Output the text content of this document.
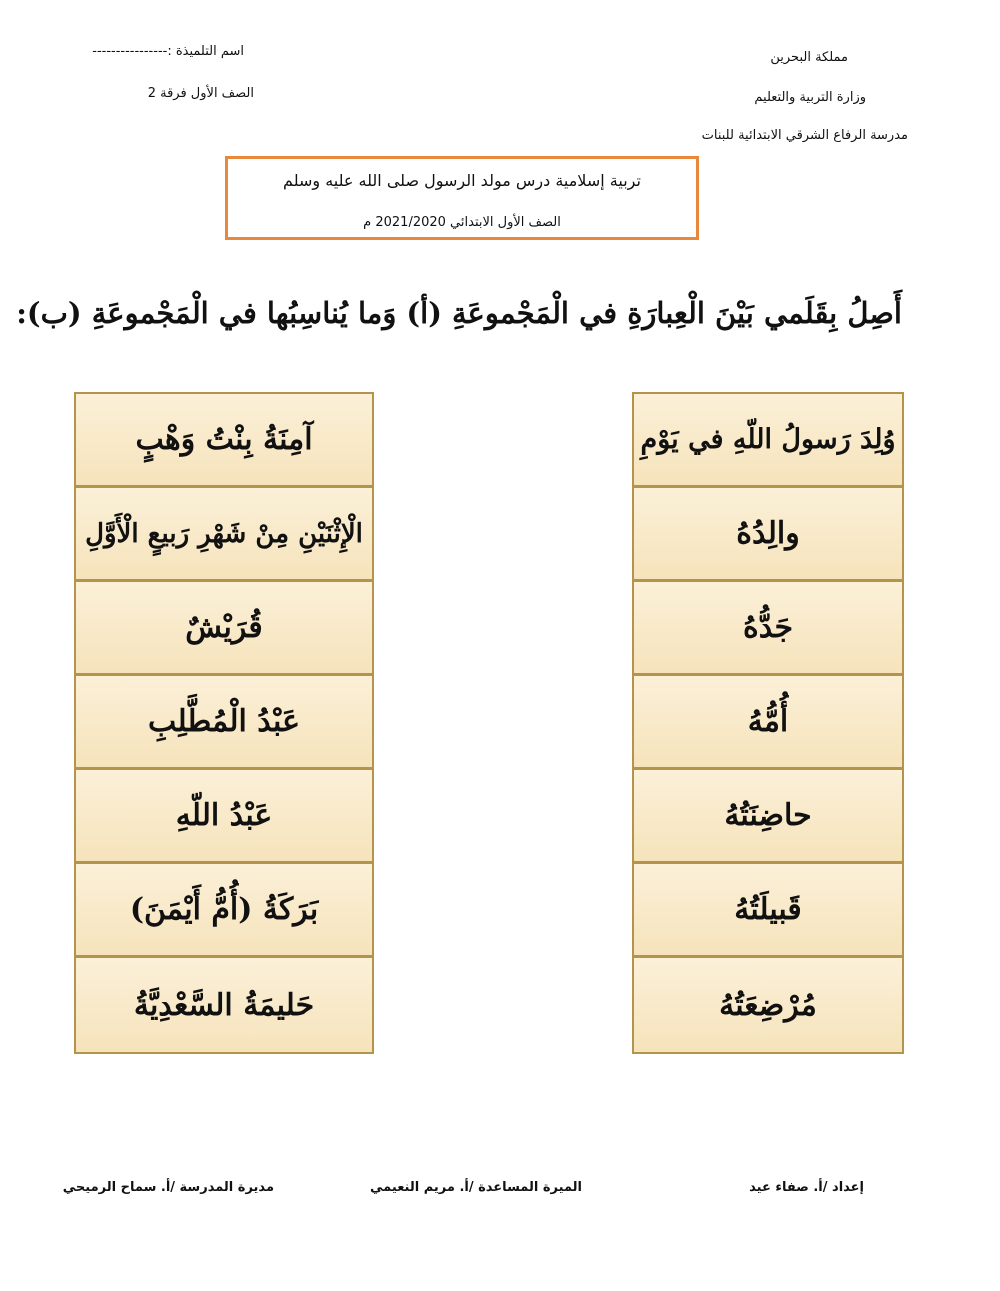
اسم التلميذة :----------------
الصف الأول فرقة 2
مملكة البحرين
وزارة التربية والتعليم
مدرسة الرفاع الشرقي الابتدائية للبنات
تربية إسلامية درس مولد الرسول صلى الله عليه وسلم
الصف الأول الابتدائي 2021/2020 م
أَصِلُ بِقَلَمي بَيْنَ الْعِبارَةِ في الْمَجْموعَةِ (أ) وَما يُناسِبُها في الْمَجْموعَةِ (ب):
آمِنَةُ بِنْتُ وَهْبٍ
الْإِثْنَيْنِ مِنْ شَهْرِ رَبيعٍ الْأَوَّلِ
قُرَيْشٌ
عَبْدُ الْمُطَّلِبِ
عَبْدُ اللّهِ
بَرَكَةُ (أُمُّ أَيْمَنَ)
حَليمَةُ السَّعْدِيَّةُ
وُلِدَ رَسولُ اللّهِ في يَوْمِ
والِدُهُ
جَدُّهُ
أُمُّهُ
حاضِنَتُهُ
قَبيلَتُهُ
مُرْضِعَتُهُ
إعداد /أ. صفاء عيد
الميرة المساعدة /أ. مريم النعيمي
مديرة المدرسة /أ. سماح الرميحي
